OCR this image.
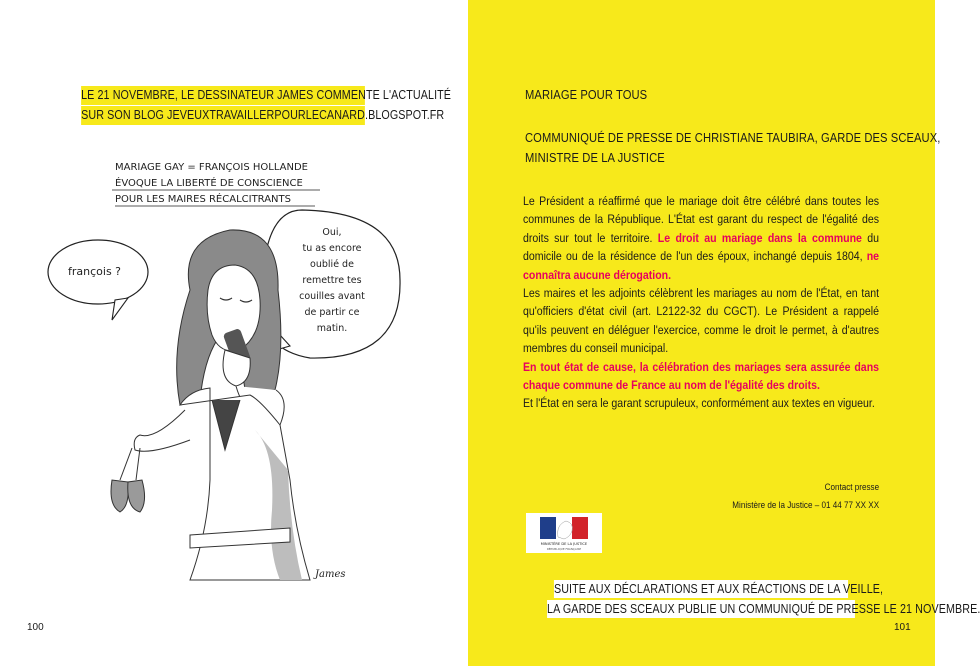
LE 21 NOVEMBRE, LE DESSINATEUR JAMES COMMENTE L'ACTUALITÉ
SUR SON BLOG JEVEUXTRAVAILLERPOURLECANARD.BLOGSPOT.FR
MARIAGE GAY = FRANÇOIS HOLLANDE
ÉVOQUE LA LIBERTÉ DE CONSCIENCE
POUR LES MAIRES RÉCALCITRANTS
françois ?
Oui,
tu as encore
oublié de
remettre tes
couilles avant
de partir ce
matin.
James
100
MARIAGE POUR TOUS
COMMUNIQUÉ DE PRESSE DE CHRISTIANE TAUBIRA, GARDE DES SCEAUX,
MINISTRE DE LA JUSTICE

Le Président a réaffirmé que le mariage doit être célébré dans toutes les communes de la République. L'État est garant du respect de l'égalité des droits sur tout le territoire. Le droit au mariage dans la commune du domicile ou de la résidence de l'un des époux, inchangé depuis 1804, ne connaîtra aucune dérogation.

Les maires et les adjoints célèbrent les mariages au nom de l'État, en tant qu'officiers d'état civil (art. L2122-32 du CGCT). Le Président a rappelé qu'ils peuvent en déléguer l'exercice, comme le droit le permet, à d'autres membres du conseil municipal.

En tout état de cause, la célébration des mariages sera assurée dans chaque commune de France au nom de l'égalité des droits.

Et l'État en sera le garant scrupuleux, conformément aux textes en vigueur.

Contact presse
Ministère de la Justice – 01 44 77 XX XX
MINISTÈRE DE LA JUSTICE
RÉPUBLIQUE FRANÇAISE
SUITE AUX DÉCLARATIONS ET AUX RÉACTIONS DE LA VEILLE,
LA GARDE DES SCEAUX PUBLIE UN COMMUNIQUÉ DE PRESSE LE 21 NOVEMBRE.
101
